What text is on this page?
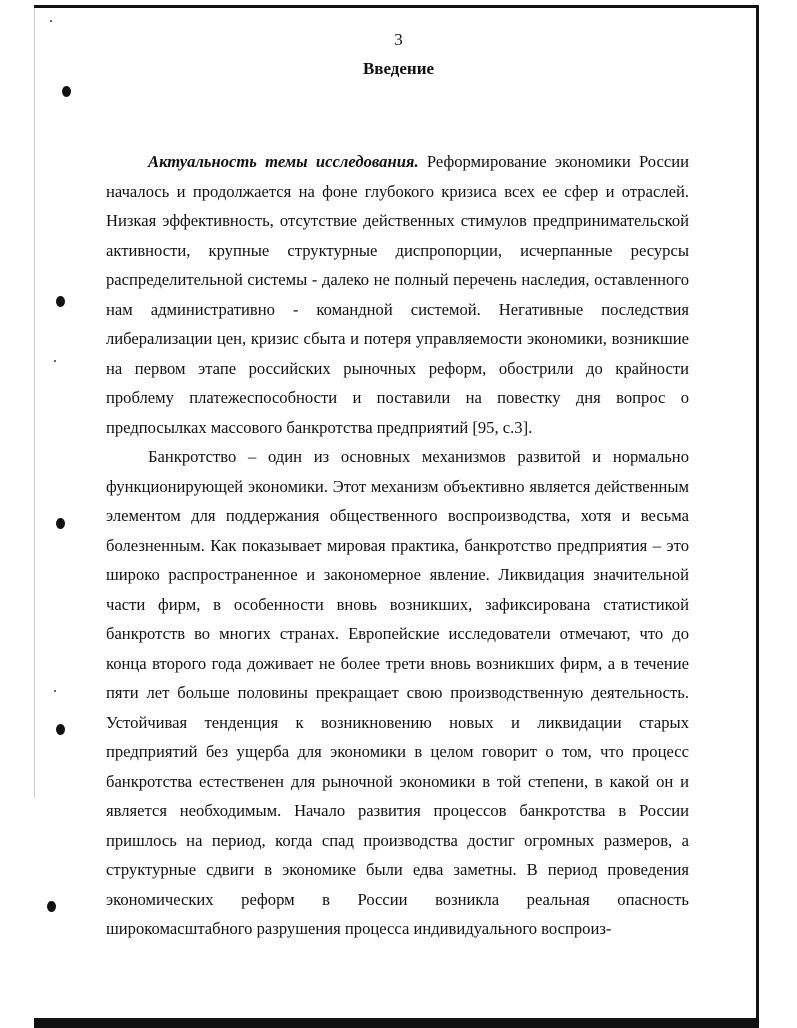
3
Введение

Актуальность темы исследования. Реформирование экономики России началось и продолжается на фоне глубокого кризиса всех ее сфер и отраслей. Низкая эффективность, отсутствие действенных стимулов предпринимательской активности, крупные структурные диспропорции, исчерпанные ресурсы распределительной системы - далеко не полный перечень наследия, оставленного нам административно - командной системой. Негативные последствия либерализации цен, кризис сбыта и потеря управляемости экономики, возникшие на первом этапе российских рыночных реформ, обострили до крайности проблему платежеспособности и поставили на повестку дня вопрос о предпосылках массового банкротства предприятий [95, с.3].

Банкротство – один из основных механизмов развитой и нормально функционирующей экономики. Этот механизм объективно является действенным элементом для поддержания общественного воспроизводства, хотя и весьма болезненным. Как показывает мировая практика, банкротство предприятия – это широко распространенное и закономерное явление. Ликвидация значительной части фирм, в особенности вновь возникших, зафиксирована статистикой банкротств во многих странах. Европейские исследователи отмечают, что до конца второго года доживает не более трети вновь возникших фирм, а в течение пяти лет больше половины прекращает свою производственную деятельность. Устойчивая тенденция к возникновению новых и ликвидации старых предприятий без ущерба для экономики в целом говорит о том, что процесс банкротства естественен для рыночной экономики в той степени, в какой он и является необходимым. Начало развития процессов банкротства в России пришлось на период, когда спад производства достиг огромных размеров, а структурные сдвиги в экономике были едва заметны. В период проведения экономических реформ в России возникла реальная опасность широкомасштабного разрушения процесса индивидуального воспроиз-
